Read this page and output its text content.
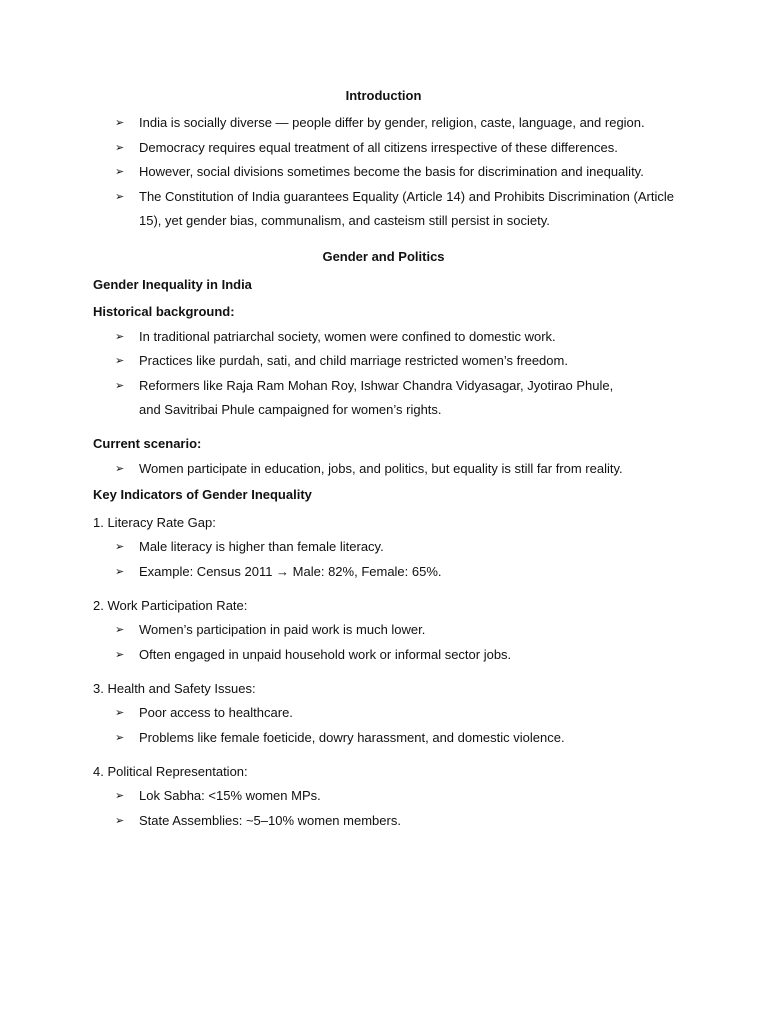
Introduction

➢ India is socially diverse — people differ by gender, religion, caste, language, and region.
➢ Democracy requires equal treatment of all citizens irrespective of these differences.
➢ However, social divisions sometimes become the basis for discrimination and inequality.
➢ The Constitution of India guarantees Equality (Article 14) and Prohibits Discrimination (Article 15), yet gender bias, communalism, and casteism still persist in society.

Gender and Politics

Gender Inequality in India

Historical background:

➢ In traditional patriarchal society, women were confined to domestic work.
➢ Practices like purdah, sati, and child marriage restricted women’s freedom.
➢ Reformers like Raja Ram Mohan Roy, Ishwar Chandra Vidyasagar, Jyotirao Phule, and Savitribai Phule campaigned for women’s rights.

Current scenario:

➢ Women participate in education, jobs, and politics, but equality is still far from reality.

Key Indicators of Gender Inequality

1. Literacy Rate Gap:

➢ Male literacy is higher than female literacy.
➢ Example: Census 2011 → Male: 82%, Female: 65%.

2. Work Participation Rate:

➢ Women’s participation in paid work is much lower.
➢ Often engaged in unpaid household work or informal sector jobs.

3. Health and Safety Issues:

➢ Poor access to healthcare.
➢ Problems like female foeticide, dowry harassment, and domestic violence.

4. Political Representation:

➢ Lok Sabha: <15% women MPs.
➢ State Assemblies: ~5–10% women members.
